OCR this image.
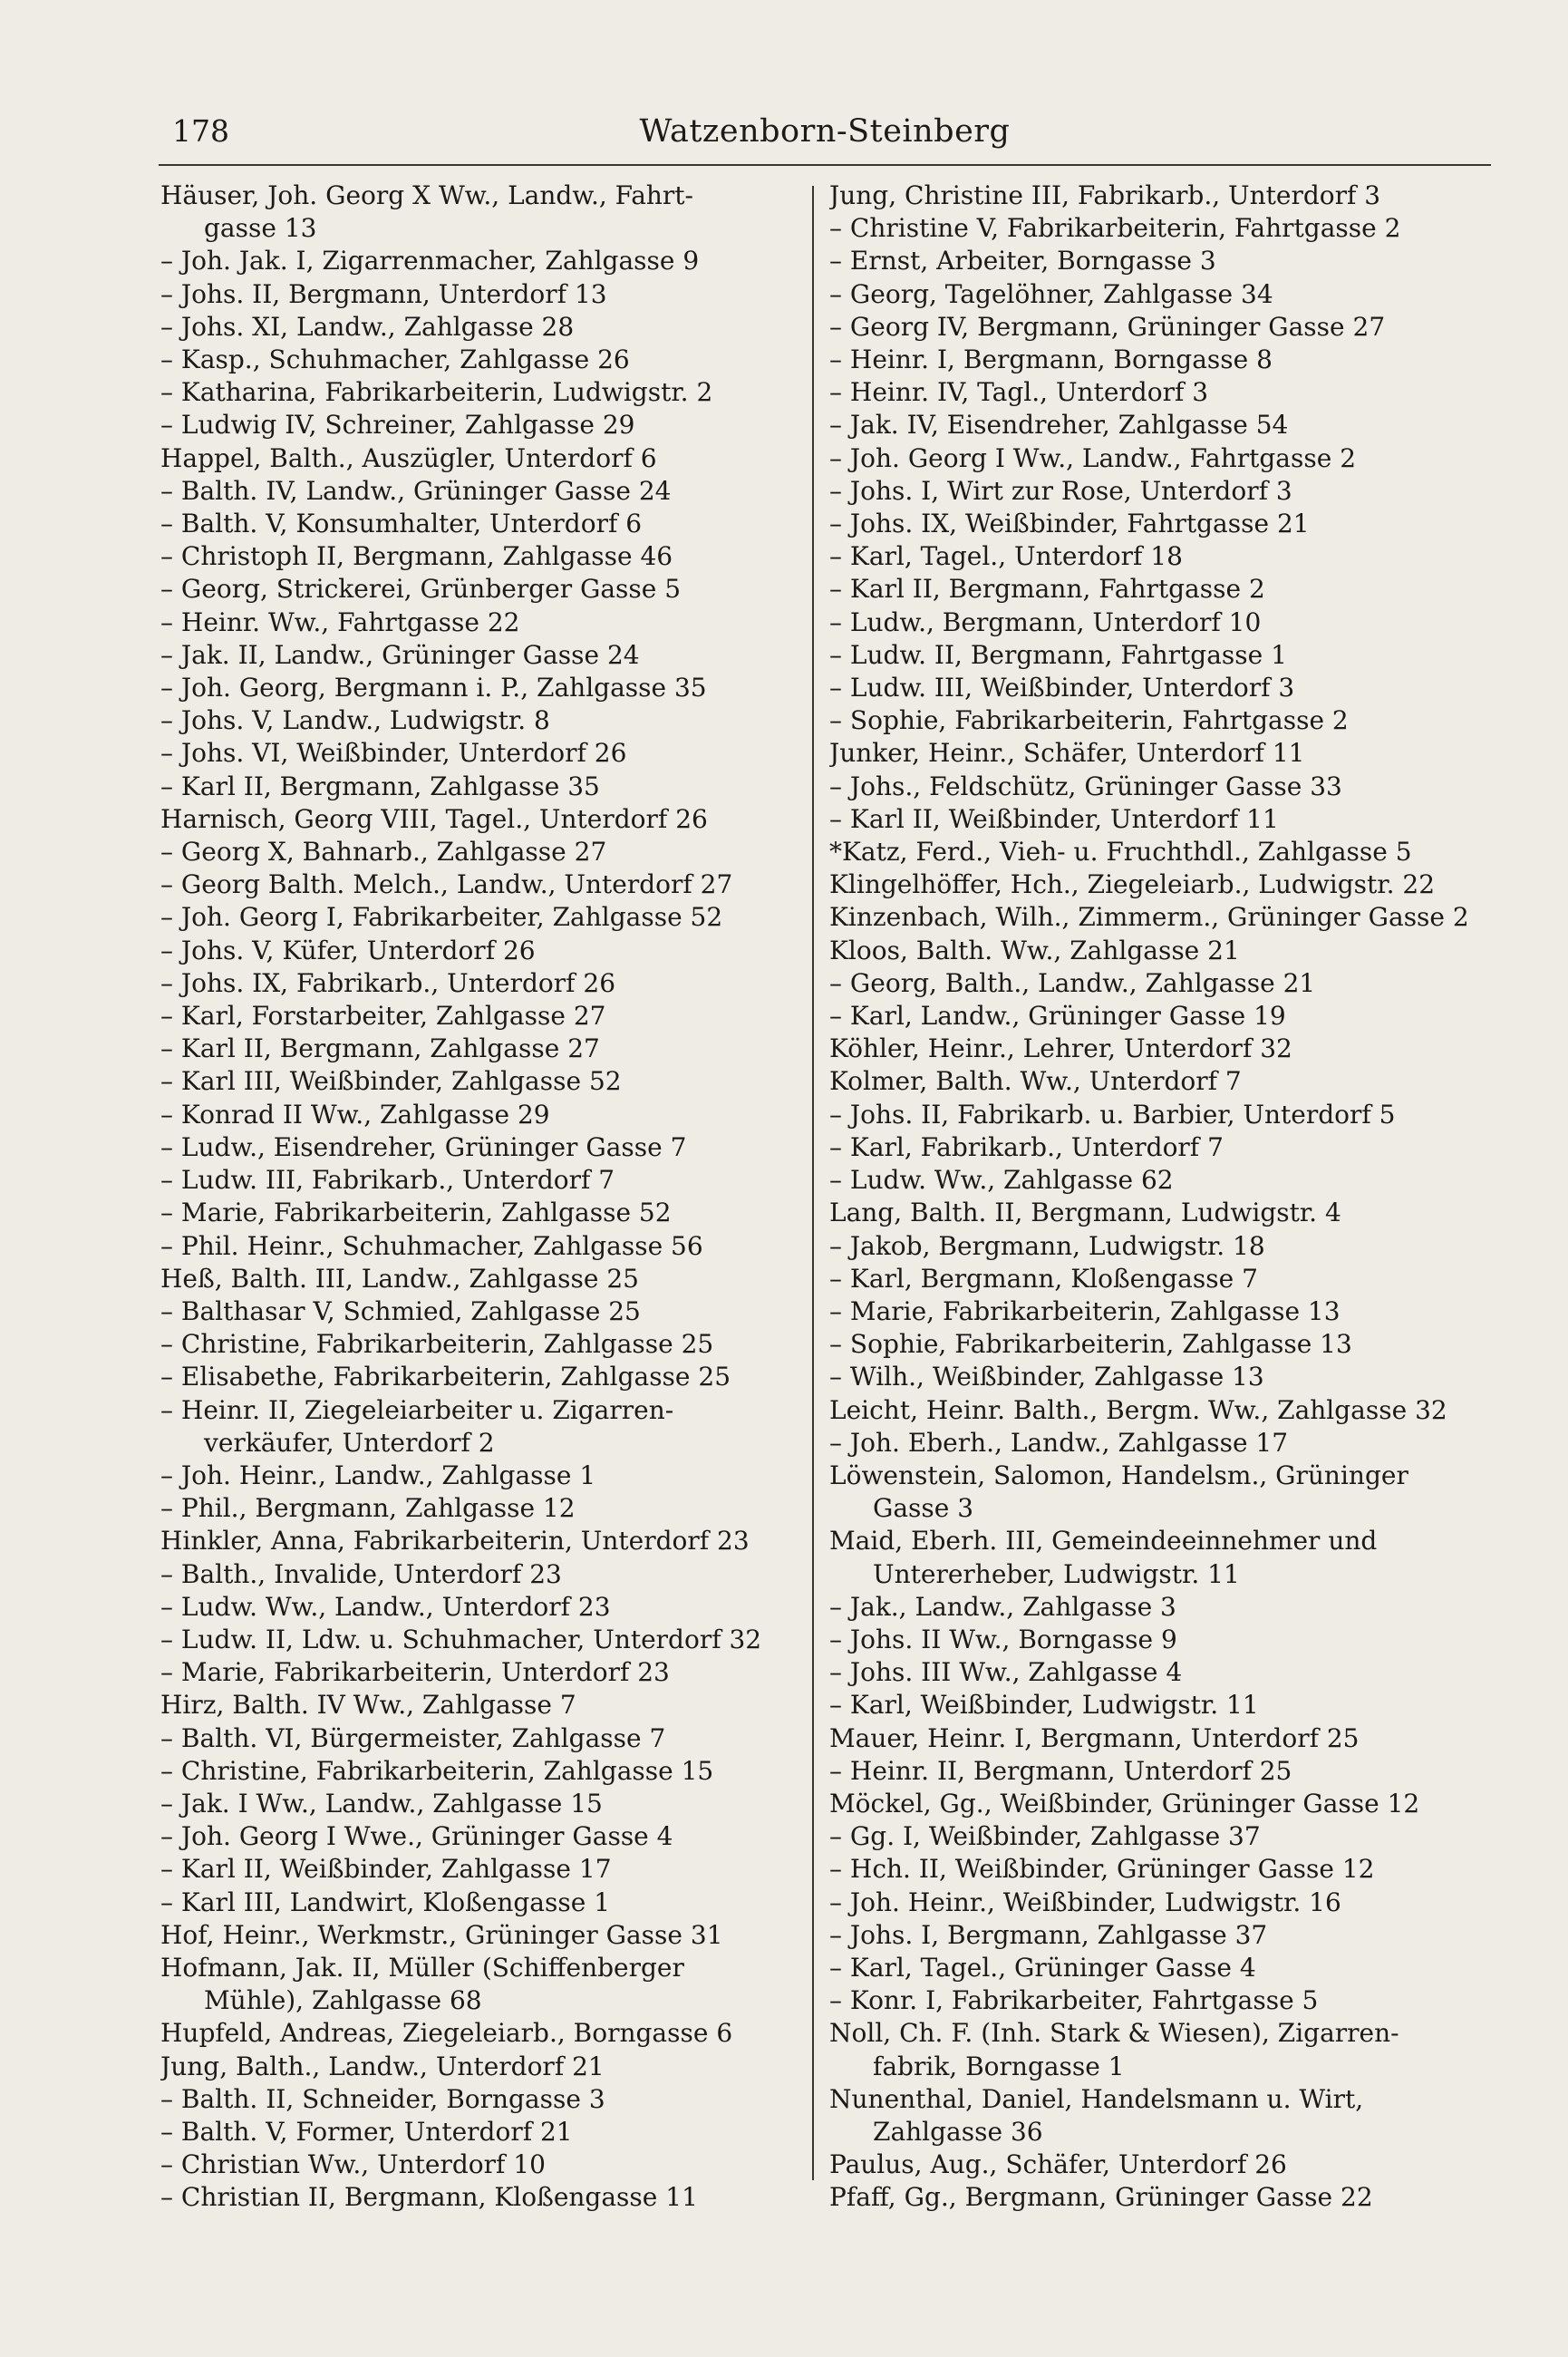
178	Watzenborn-Steinberg
Häuser, Joh. Georg X Ww., Landw., Fahrt-
gasse 13
– Joh. Jak. I, Zigarrenmacher, Zahlgasse 9
– Johs. II, Bergmann, Unterdorf 13
– Johs. XI, Landw., Zahlgasse 28
– Kasp., Schuhmacher, Zahlgasse 26
– Katharina, Fabrikarbeiterin, Ludwigstr. 2
– Ludwig IV, Schreiner, Zahlgasse 29
Happel, Balth., Auszügler, Unterdorf 6
– Balth. IV, Landw., Grüninger Gasse 24
– Balth. V, Konsumhalter, Unterdorf 6
– Christoph II, Bergmann, Zahlgasse 46
– Georg, Strickerei, Grünberger Gasse 5
– Heinr. Ww., Fahrtgasse 22
– Jak. II, Landw., Grüninger Gasse 24
– Joh. Georg, Bergmann i. P., Zahlgasse 35
– Johs. V, Landw., Ludwigstr. 8
– Johs. VI, Weißbinder, Unterdorf 26
– Karl II, Bergmann, Zahlgasse 35
Harnisch, Georg VIII, Tagel., Unterdorf 26
– Georg X, Bahnarb., Zahlgasse 27
– Georg Balth. Melch., Landw., Unterdorf 27
– Joh. Georg I, Fabrikarbeiter, Zahlgasse 52
– Johs. V, Küfer, Unterdorf 26
– Johs. IX, Fabrikarb., Unterdorf 26
– Karl, Forstarbeiter, Zahlgasse 27
– Karl II, Bergmann, Zahlgasse 27
– Karl III, Weißbinder, Zahlgasse 52
– Konrad II Ww., Zahlgasse 29
– Ludw., Eisendreher, Grüninger Gasse 7
– Ludw. III, Fabrikarb., Unterdorf 7
– Marie, Fabrikarbeiterin, Zahlgasse 52
– Phil. Heinr., Schuhmacher, Zahlgasse 56
Heß, Balth. III, Landw., Zahlgasse 25
– Balthasar V, Schmied, Zahlgasse 25
– Christine, Fabrikarbeiterin, Zahlgasse 25
– Elisabethe, Fabrikarbeiterin, Zahlgasse 25
– Heinr. II, Ziegeleiarbeiter u. Zigarren-
verkäufer, Unterdorf 2
– Joh. Heinr., Landw., Zahlgasse 1
– Phil., Bergmann, Zahlgasse 12
Hinkler, Anna, Fabrikarbeiterin, Unterdorf 23
– Balth., Invalide, Unterdorf 23
– Ludw. Ww., Landw., Unterdorf 23
– Ludw. II, Ldw. u. Schuhmacher, Unterdorf 32
– Marie, Fabrikarbeiterin, Unterdorf 23
Hirz, Balth. IV Ww., Zahlgasse 7
– Balth. VI, Bürgermeister, Zahlgasse 7
– Christine, Fabrikarbeiterin, Zahlgasse 15
– Jak. I Ww., Landw., Zahlgasse 15
– Joh. Georg I Wwe., Grüninger Gasse 4
– Karl II, Weißbinder, Zahlgasse 17
– Karl III, Landwirt, Kloßengasse 1
Hof, Heinr., Werkmstr., Grüninger Gasse 31
Hofmann, Jak. II, Müller (Schiffenberger
Mühle), Zahlgasse 68
Hupfeld, Andreas, Ziegeleiarb., Borngasse 6
Jung, Balth., Landw., Unterdorf 21
– Balth. II, Schneider, Borngasse 3
– Balth. V, Former, Unterdorf 21
– Christian Ww., Unterdorf 10
– Christian II, Bergmann, Kloßengasse 11
Jung, Christine III, Fabrikarb., Unterdorf 3
– Christine V, Fabrikarbeiterin, Fahrtgasse 2
– Ernst, Arbeiter, Borngasse 3
– Georg, Tagelöhner, Zahlgasse 34
– Georg IV, Bergmann, Grüninger Gasse 27
– Heinr. I, Bergmann, Borngasse 8
– Heinr. IV, Tagl., Unterdorf 3
– Jak. IV, Eisendreher, Zahlgasse 54
– Joh. Georg I Ww., Landw., Fahrtgasse 2
– Johs. I, Wirt zur Rose, Unterdorf 3
– Johs. IX, Weißbinder, Fahrtgasse 21
– Karl, Tagel., Unterdorf 18
– Karl II, Bergmann, Fahrtgasse 2
– Ludw., Bergmann, Unterdorf 10
– Ludw. II, Bergmann, Fahrtgasse 1
– Ludw. III, Weißbinder, Unterdorf 3
– Sophie, Fabrikarbeiterin, Fahrtgasse 2
Junker, Heinr., Schäfer, Unterdorf 11
– Johs., Feldschütz, Grüninger Gasse 33
– Karl II, Weißbinder, Unterdorf 11
*Katz, Ferd., Vieh- u. Fruchthdl., Zahlgasse 5
Klingelhöffer, Hch., Ziegeleiarb., Ludwigstr. 22
Kinzenbach, Wilh., Zimmerm., Grüninger Gasse 2
Kloos, Balth. Ww., Zahlgasse 21
– Georg, Balth., Landw., Zahlgasse 21
– Karl, Landw., Grüninger Gasse 19
Köhler, Heinr., Lehrer, Unterdorf 32
Kolmer, Balth. Ww., Unterdorf 7
– Johs. II, Fabrikarb. u. Barbier, Unterdorf 5
– Karl, Fabrikarb., Unterdorf 7
– Ludw. Ww., Zahlgasse 62
Lang, Balth. II, Bergmann, Ludwigstr. 4
– Jakob, Bergmann, Ludwigstr. 18
– Karl, Bergmann, Kloßengasse 7
– Marie, Fabrikarbeiterin, Zahlgasse 13
– Sophie, Fabrikarbeiterin, Zahlgasse 13
– Wilh., Weißbinder, Zahlgasse 13
Leicht, Heinr. Balth., Bergm. Ww., Zahlgasse 32
– Joh. Eberh., Landw., Zahlgasse 17
Löwenstein, Salomon, Handelsm., Grüninger
Gasse 3
Maid, Eberh. III, Gemeindeeinnehmer und
Untererheber, Ludwigstr. 11
– Jak., Landw., Zahlgasse 3
– Johs. II Ww., Borngasse 9
– Johs. III Ww., Zahlgasse 4
– Karl, Weißbinder, Ludwigstr. 11
Mauer, Heinr. I, Bergmann, Unterdorf 25
– Heinr. II, Bergmann, Unterdorf 25
Möckel, Gg., Weißbinder, Grüninger Gasse 12
– Gg. I, Weißbinder, Zahlgasse 37
– Hch. II, Weißbinder, Grüninger Gasse 12
– Joh. Heinr., Weißbinder, Ludwigstr. 16
– Johs. I, Bergmann, Zahlgasse 37
– Karl, Tagel., Grüninger Gasse 4
– Konr. I, Fabrikarbeiter, Fahrtgasse 5
Noll, Ch. F. (Inh. Stark & Wiesen), Zigarren-
fabrik, Borngasse 1
Nunenthal, Daniel, Handelsmann u. Wirt,
Zahlgasse 36
Paulus, Aug., Schäfer, Unterdorf 26
Pfaff, Gg., Bergmann, Grüninger Gasse 22
